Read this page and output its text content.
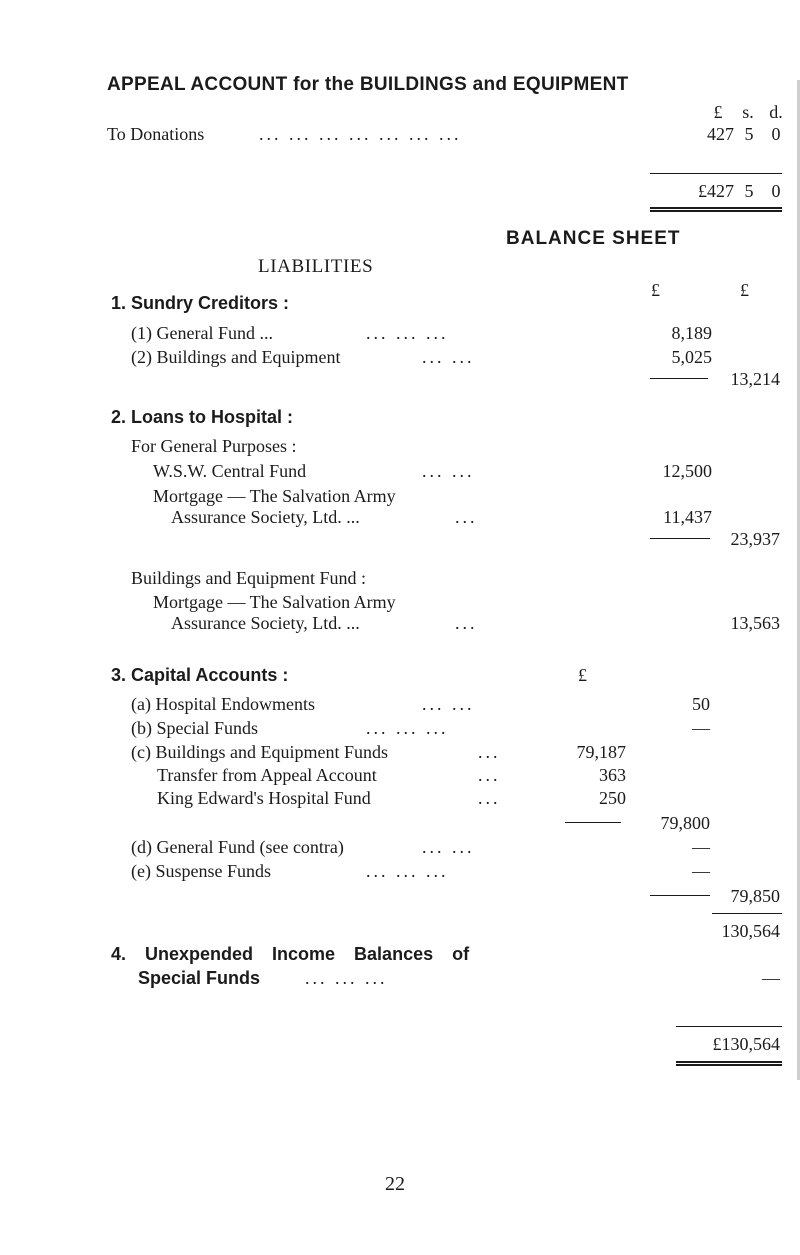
APPEAL ACCOUNT for the BUILDINGS and EQUIPMENT
£	s. d.
To Donations	... ... ... ... ... ... ...	427 5 0
£427 5 0
BALANCE SHEET
LIABILITIES
£	£
1. Sundry Creditors :
(1) General Fund ...	... ... ...	8,189
(2) Buildings and Equipment	... ...	5,025
13,214
2. Loans to Hospital :
For General Purposes :
W.S.W. Central Fund	... ...	12,500
Mortgage — The Salvation Army
Assurance Society, Ltd. ...	...	11,437
23,937
Buildings and Equipment Fund :
Mortgage — The Salvation Army
Assurance Society, Ltd. ...	...	13,563
3. Capital Accounts :	£
(a) Hospital Endowments	... ...	50
(b) Special Funds	... ... ...	—
(c) Buildings and Equipment Funds	...	79,187
Transfer from Appeal Account	...	363
King Edward's Hospital Fund	...	250
79,800
(d) General Fund (see contra)	... ...	—
(e) Suspense Funds	... ... ...	—
79,850
130,564
4. Unexpended Income Balances of
Special Funds ... ... ...	—
£130,564
22
